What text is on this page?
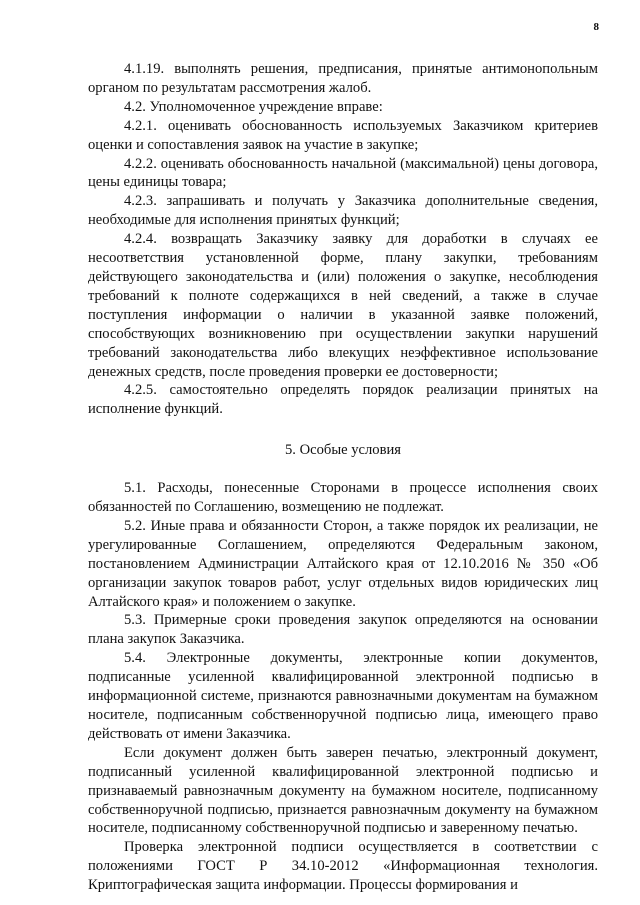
8

4.1.19. выполнять решения, предписания, принятые антимонопольным органом по результатам рассмотрения жалоб.

4.2. Уполномоченное учреждение вправе:

4.2.1. оценивать обоснованность используемых Заказчиком критериев оценки и сопоставления заявок на участие в закупке;

4.2.2. оценивать обоснованность начальной (максимальной) цены договора, цены единицы товара;

4.2.3. запрашивать и получать у Заказчика дополнительные сведения, необходимые для исполнения принятых функций;

4.2.4. возвращать Заказчику заявку для доработки в случаях ее несоответствия установленной форме, плану закупки, требованиям действующего законодательства и (или) положения о закупке, несоблюдения требований к полноте содержащихся в ней сведений, а также в случае поступления информации о наличии в указанной заявке положений, способствующих возникновению при осуществлении закупки нарушений требований законодательства либо влекущих неэффективное использование денежных средств, после проведения проверки ее достоверности;

4.2.5. самостоятельно определять порядок реализации принятых на исполнение функций.

5. Особые условия

5.1. Расходы, понесенные Сторонами в процессе исполнения своих обязанностей по Соглашению, возмещению не подлежат.

5.2. Иные права и обязанности Сторон, а также порядок их реализации, не урегулированные Соглашением, определяются Федеральным законом, постановлением Администрации Алтайского края от 12.10.2016 № 350 «Об организации закупок товаров работ, услуг отдельных видов юридических лиц Алтайского края» и положением о закупке.

5.3. Примерные сроки проведения закупок определяются на основании плана закупок Заказчика.

5.4. Электронные документы, электронные копии документов, подписанные усиленной квалифицированной электронной подписью в информационной системе, признаются равнозначными документам на бумажном носителе, подписанным собственноручной подписью лица, имеющего право действовать от имени Заказчика.

Если документ должен быть заверен печатью, электронный документ, подписанный усиленной квалифицированной электронной подписью и признаваемый равнозначным документу на бумажном носителе, подписанному собственноручной подписью, признается равнозначным документу на бумажном носителе, подписанному собственноручной подписью и заверенному печатью.

Проверка электронной подписи осуществляется в соответствии с положениями ГОСТ Р 34.10-2012 «Информационная технология. Криптографическая защита информации. Процессы формирования и
